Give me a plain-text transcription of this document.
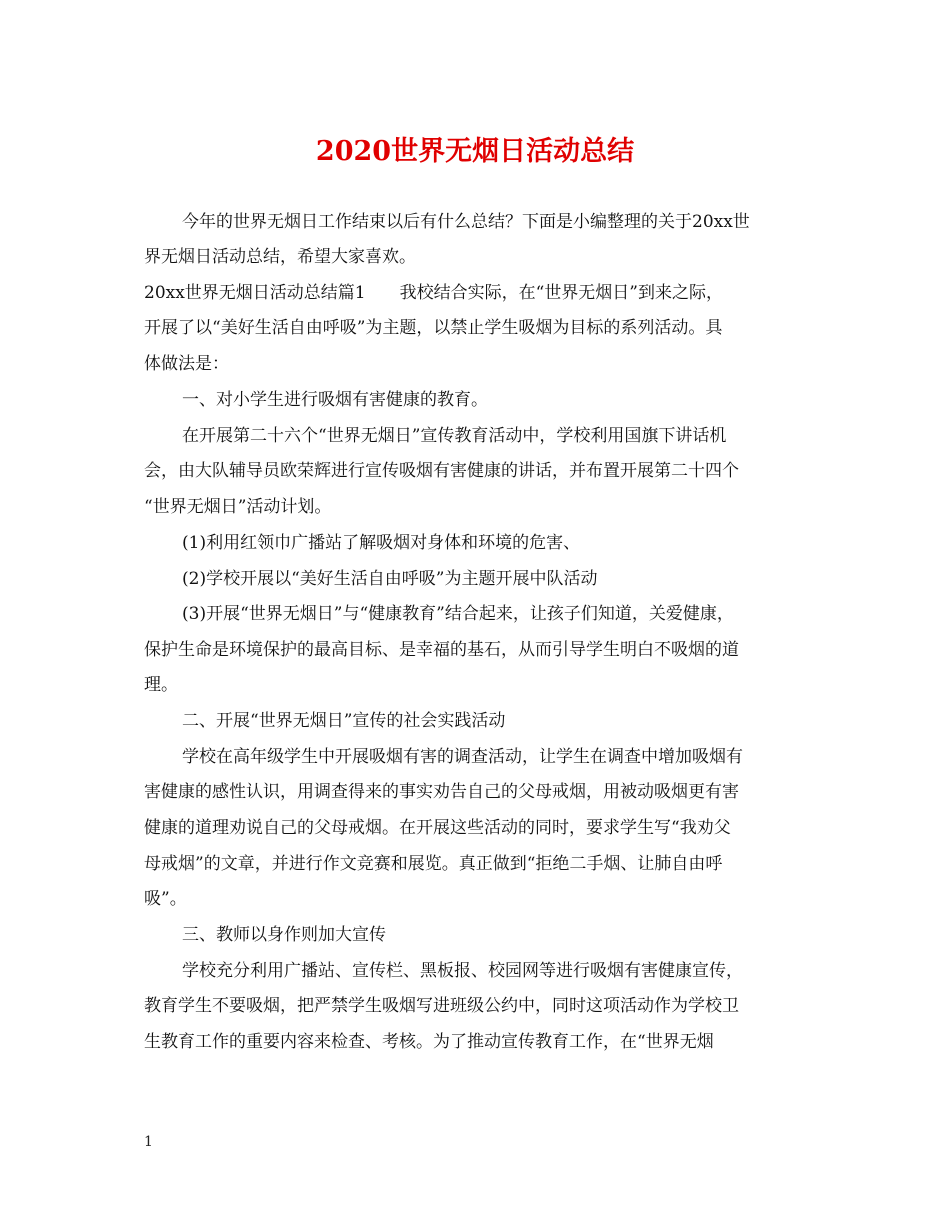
2020世界无烟日活动总结

今年的世界无烟日工作结束以后有什么总结？下面是小编整理的关于20xx世

界无烟日活动总结，希望大家喜欢。

20xx世界无烟日活动总结篇1　　我校结合实际，在“世界无烟日”到来之际，

开展了以“美好生活自由呼吸”为主题，以禁止学生吸烟为目标的系列活动。具

体做法是：

一、对小学生进行吸烟有害健康的教育。

在开展第二十六个“世界无烟日”宣传教育活动中，学校利用国旗下讲话机

会，由大队辅导员欧荣辉进行宣传吸烟有害健康的讲话，并布置开展第二十四个

“世界无烟日”活动计划。

(1)利用红领巾广播站了解吸烟对身体和环境的危害、

(2)学校开展以“美好生活自由呼吸”为主题开展中队活动

(3)开展“世界无烟日”与“健康教育”结合起来，让孩子们知道，关爱健康，

保护生命是环境保护的最高目标、是幸福的基石，从而引导学生明白不吸烟的道

理。

二、开展“世界无烟日”宣传的社会实践活动

学校在高年级学生中开展吸烟有害的调查活动，让学生在调查中增加吸烟有

害健康的感性认识，用调查得来的事实劝告自己的父母戒烟，用被动吸烟更有害

健康的道理劝说自己的父母戒烟。在开展这些活动的同时，要求学生写“我劝父

母戒烟”的文章，并进行作文竞赛和展览。真正做到“拒绝二手烟、让肺自由呼

吸”。

三、教师以身作则加大宣传

学校充分利用广播站、宣传栏、黑板报、校园网等进行吸烟有害健康宣传，

教育学生不要吸烟，把严禁学生吸烟写进班级公约中，同时这项活动作为学校卫

生教育工作的重要内容来检查、考核。为了推动宣传教育工作，在“世界无烟

1
